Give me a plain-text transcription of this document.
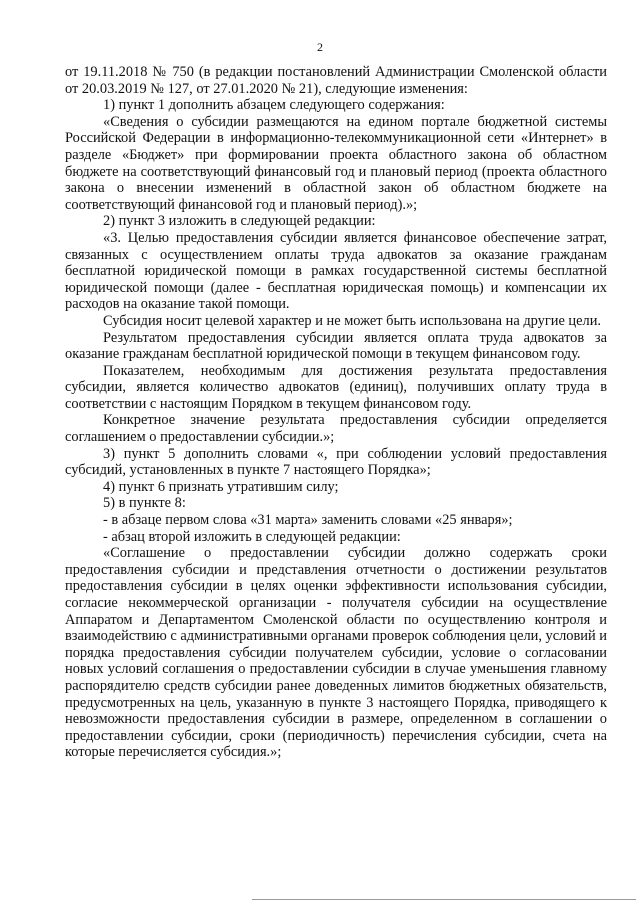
2

от 19.11.2018 № 750 (в редакции постановлений Администрации Смоленской области от 20.03.2019 № 127, от 27.01.2020 № 21), следующие изменения:

1) пункт 1 дополнить абзацем следующего содержания:

«Сведения о субсидии размещаются на едином портале бюджетной системы Российской Федерации в информационно-телекоммуникационной сети «Интернет» в разделе «Бюджет» при формировании проекта областного закона об областном бюджете на соответствующий финансовый год и плановый период (проекта областного закона о внесении изменений в областной закон об областном бюджете на соответствующий финансовой год и плановый период).»;

2) пункт 3 изложить в следующей редакции:

«3. Целью предоставления субсидии является финансовое обеспечение затрат, связанных с осуществлением оплаты труда адвокатов за оказание гражданам бесплатной юридической помощи в рамках государственной системы бесплатной юридической помощи (далее - бесплатная юридическая помощь) и компенсации их расходов на оказание такой помощи.

Субсидия носит целевой характер и не может быть использована на другие цели.

Результатом предоставления субсидии является оплата труда адвокатов за оказание гражданам бесплатной юридической помощи в текущем финансовом году.

Показателем, необходимым для достижения результата предоставления субсидии, является количество адвокатов (единиц), получивших оплату труда в соответствии с настоящим Порядком в текущем финансовом году.

Конкретное значение результата предоставления субсидии определяется соглашением о предоставлении субсидии.»;

3) пункт 5 дополнить словами «, при соблюдении условий предоставления субсидий, установленных в пункте 7 настоящего Порядка»;

4) пункт 6 признать утратившим силу;

5) в пункте 8:

- в абзаце первом слова «31 марта» заменить словами «25 января»;

- абзац второй изложить в следующей редакции:

«Соглашение о предоставлении субсидии должно содержать сроки предоставления субсидии и представления отчетности о достижении результатов предоставления субсидии в целях оценки эффективности использования субсидии, согласие некоммерческой организации - получателя субсидии на осуществление Аппаратом и Департаментом Смоленской области по осуществлению контроля и взаимодействию с административными органами проверок соблюдения цели, условий и порядка предоставления субсидии получателем субсидии, условие о согласовании новых условий соглашения о предоставлении субсидии в случае уменьшения главному распорядителю средств субсидии ранее доведенных лимитов бюджетных обязательств, предусмотренных на цель, указанную в пункте 3 настоящего Порядка, приводящего к невозможности предоставления субсидии в размере, определенном в соглашении о предоставлении субсидии, сроки (периодичность) перечисления субсидии, счета на которые перечисляется субсидия.»;
